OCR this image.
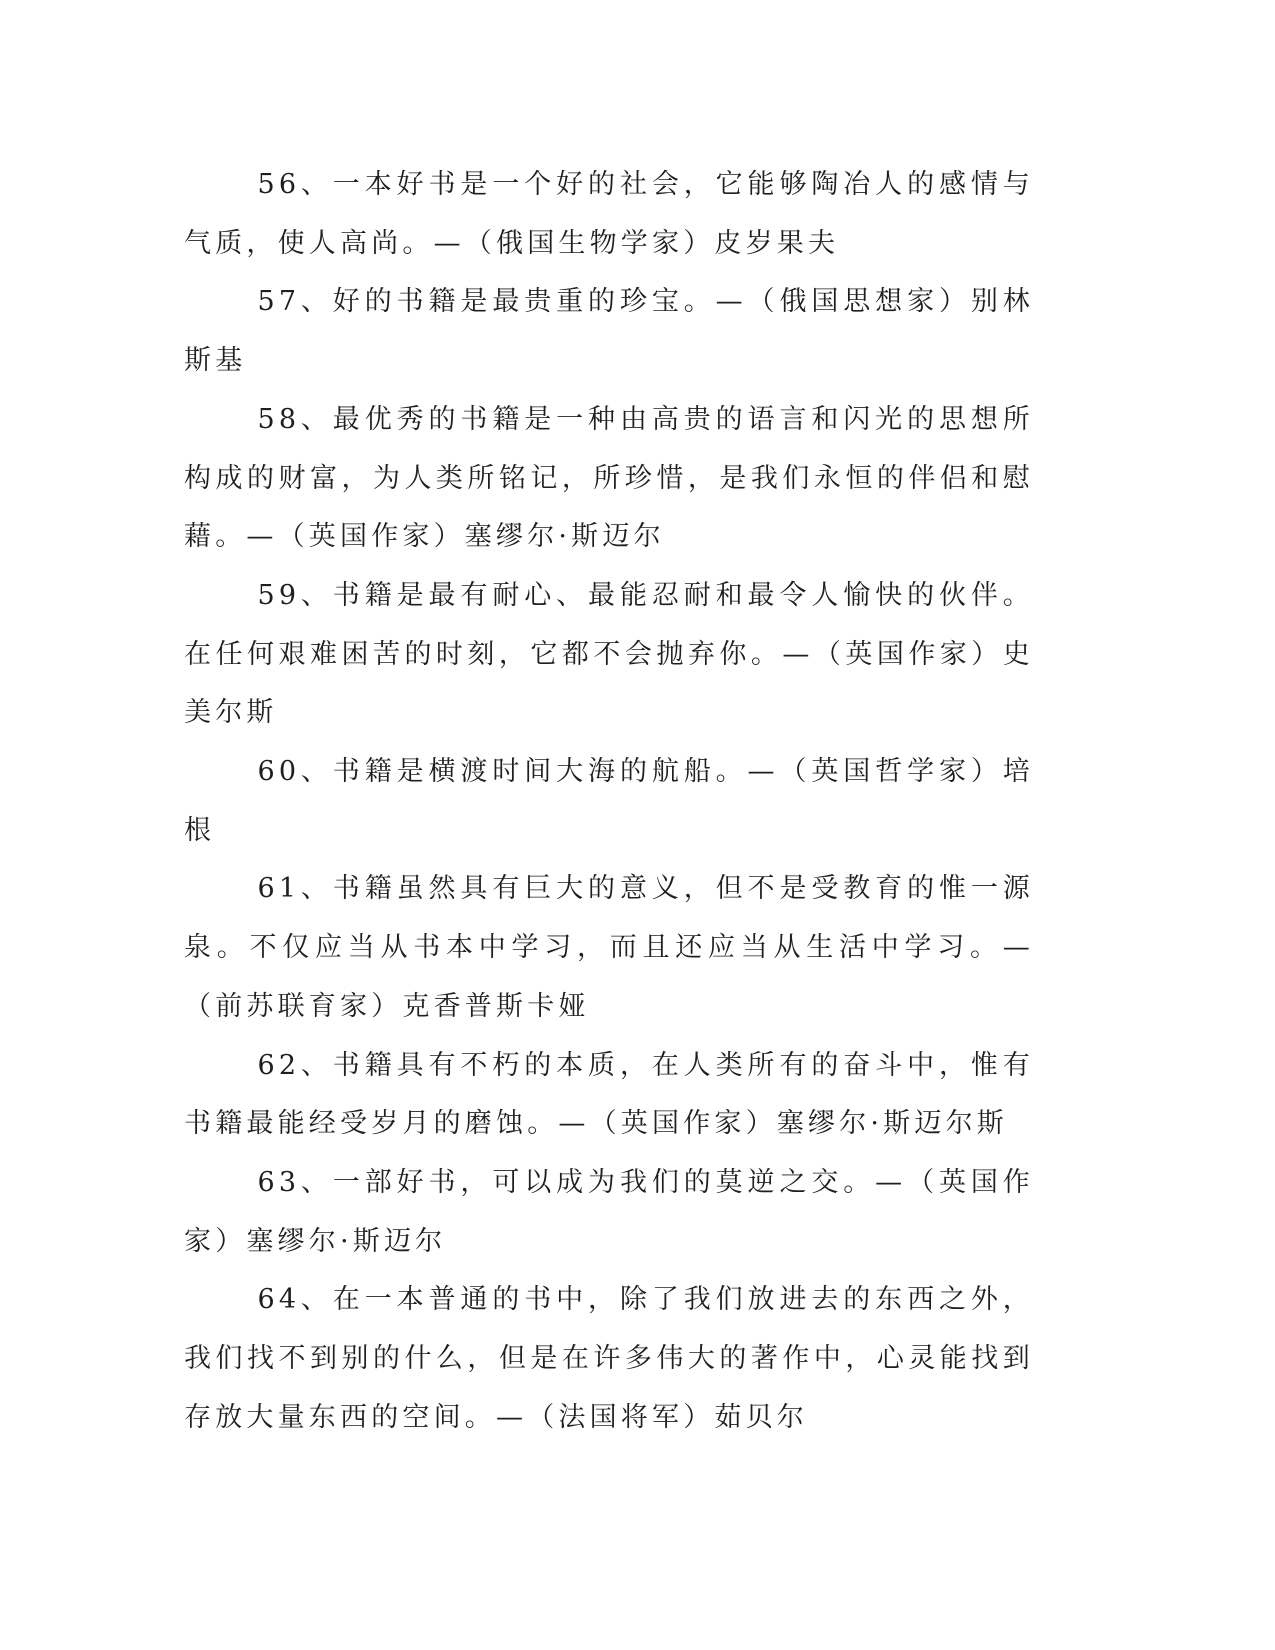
56、一本好书是一个好的社会，它能够陶冶人的感情与气质，使人高尚。—（俄国生物学家）皮岁果夫

57、好的书籍是最贵重的珍宝。—（俄国思想家）别林斯基

58、最优秀的书籍是一种由高贵的语言和闪光的思想所构成的财富，为人类所铭记，所珍惜，是我们永恒的伴侣和慰藉。—（英国作家）塞缪尔·斯迈尔

59、书籍是最有耐心、最能忍耐和最令人愉快的伙伴。在任何艰难困苦的时刻，它都不会抛弃你。—（英国作家）史美尔斯

60、书籍是横渡时间大海的航船。—（英国哲学家）培根

61、书籍虽然具有巨大的意义，但不是受教育的惟一源泉。不仅应当从书本中学习，而且还应当从生活中学习。—（前苏联育家）克香普斯卡娅

62、书籍具有不朽的本质，在人类所有的奋斗中，惟有书籍最能经受岁月的磨蚀。—（英国作家）塞缪尔·斯迈尔斯

63、一部好书，可以成为我们的莫逆之交。—（英国作家）塞缪尔·斯迈尔

64、在一本普通的书中，除了我们放进去的东西之外，我们找不到别的什么，但是在许多伟大的著作中，心灵能找到存放大量东西的空间。—（法国将军）茹贝尔
